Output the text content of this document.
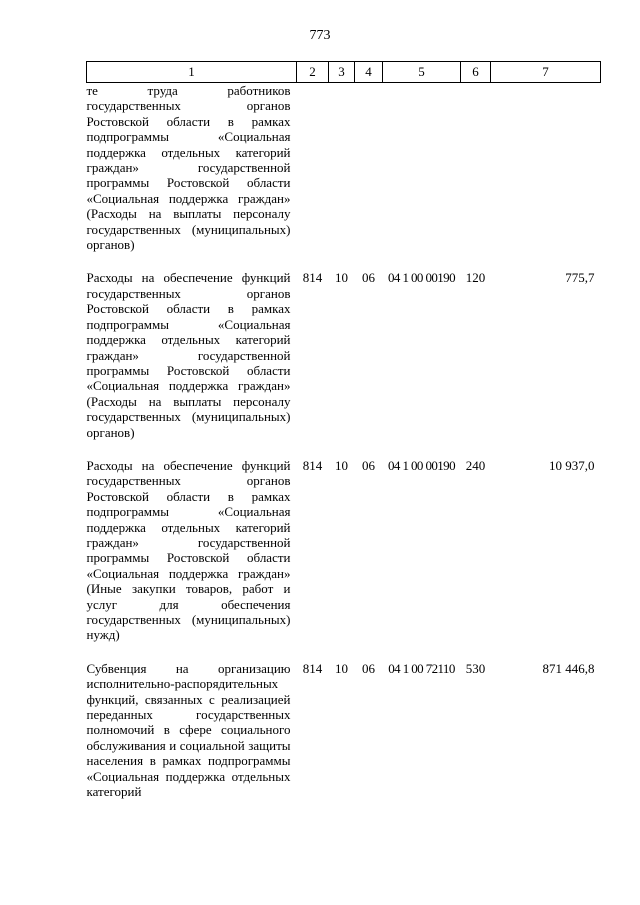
773
1	2	3	4	5	6	7
те труда работников государственных органов Ростовской области в рамках подпрограммы «Социальная поддержка отдельных категорий граждан» государственной программы Ростовской области «Социальная поддержка граждан» (Расходы на выплаты персоналу государственных (муниципальных) органов)						
Расходы на обеспечение функций государственных органов Ростовской области в рамках подпрограммы «Социальная поддержка отдельных категорий граждан» государственной программы Ростовской области «Социальная поддержка граждан» (Расходы на выплаты персоналу государственных (муниципальных) органов)	814	10	06	04 1 00 00190	120	775,7
Расходы на обеспечение функций государственных органов Ростовской области в рамках подпрограммы «Социальная поддержка отдельных категорий граждан» государственной программы Ростовской области «Социальная поддержка граждан» (Иные закупки товаров, работ и услуг для обеспечения государственных (муниципальных) нужд)	814	10	06	04 1 00 00190	240	10 937,0
Субвенция на организацию исполнительно-распорядительных функций, связанных с реализацией переданных государственных полномочий в сфере социального обслуживания и социальной защиты населения в рамках подпрограммы «Социальная поддержка отдельных категорий	814	10	06	04 1 00 72110	530	871 446,8
